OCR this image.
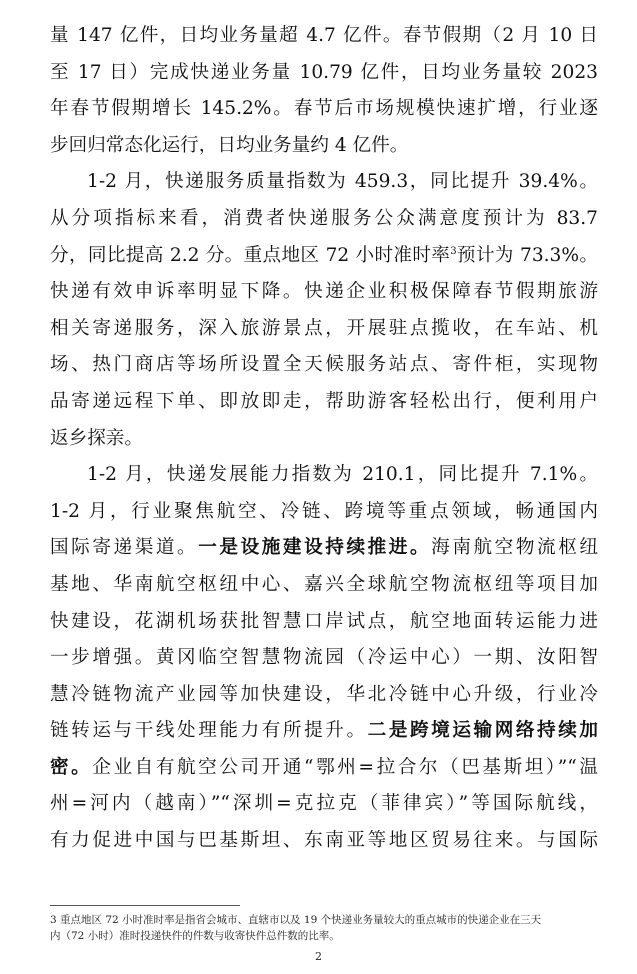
量 147 亿件，日均业务量超 4.7 亿件。春节假期（2 月 10 日
至 17 日）完成快递业务量 10.79 亿件，日均业务量较 2023
年春节假期增长 145.2%。春节后市场规模快速扩增，行业逐
步回归常态化运行，日均业务量约 4 亿件。
1-2 月，快递服务质量指数为 459.3，同比提升 39.4%。
从分项指标来看，消费者快递服务公众满意度预计为 83.7
分，同比提高 2.2 分。重点地区 72 小时准时率$^3$预计为 73.3%。
快递有效申诉率明显下降。快递企业积极保障春节假期旅游
相关寄递服务，深入旅游景点，开展驻点揽收，在车站、机
场、热门商店等场所设置全天候服务站点、寄件柜，实现物
品寄递远程下单、即放即走，帮助游客轻松出行，便利用户
返乡探亲。
1-2 月，快递发展能力指数为 210.1，同比提升 7.1%。
1-2 月，行业聚焦航空、冷链、跨境等重点领域，畅通国内
国际寄递渠道。一是设施建设持续推进。海南航空物流枢纽
基地、华南航空枢纽中心、嘉兴全球航空物流枢纽等项目加
快建设，花湖机场获批智慧口岸试点，航空地面转运能力进
一步增强。黄冈临空智慧物流园（冷运中心）一期、汝阳智
慧冷链物流产业园等加快建设，华北冷链中心升级，行业冷
链转运与干线处理能力有所提升。二是跨境运输网络持续加
密。企业自有航空公司开通“鄂州=拉合尔（巴基斯坦）”“温
州=河内（越南）”“深圳=克拉克（菲律宾）”等国际航线，
有力促进中国与巴基斯坦、东南亚等地区贸易往来。与国际
3 重点地区 72 小时准时率是指省会城市、直辖市以及 19 个快递业务量较大的重点城市的快递企业在三天
内（72 小时）准时投递快件的件数与收寄快件总件数的比率。
2
